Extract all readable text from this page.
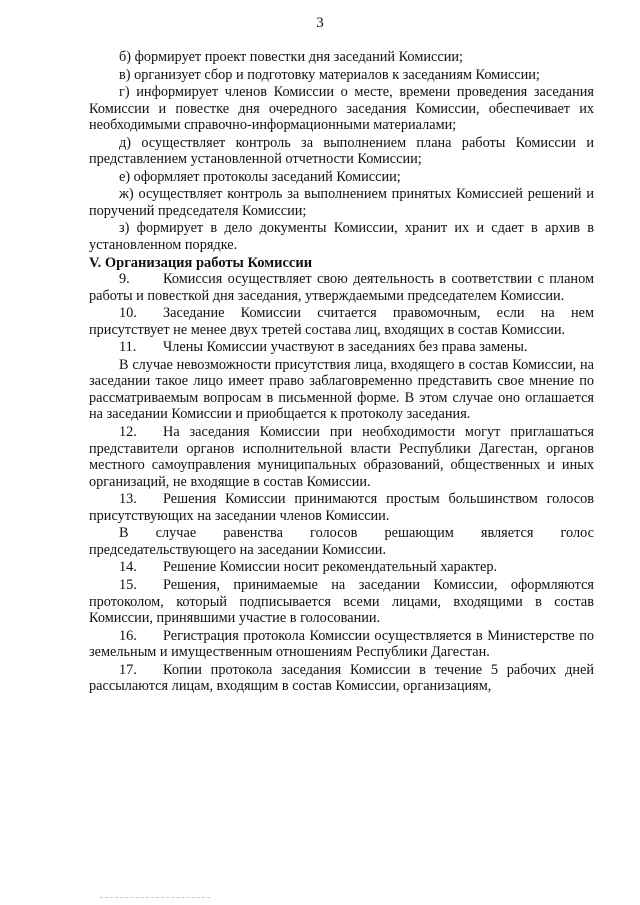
3

б) формирует проект повестки дня заседаний Комиссии;

в) организует сбор и подготовку материалов к заседаниям Комиссии;

г) информирует членов Комиссии о месте, времени проведения заседания Комиссии и повестке дня очередного заседания Комиссии, обеспечивает их необходимыми справочно-информационными материалами;

д) осуществляет контроль за выполнением плана работы Комиссии и представлением установленной отчетности Комиссии;

е) оформляет протоколы заседаний Комиссии;

ж) осуществляет контроль за выполнением принятых Комиссией решений и поручений председателя Комиссии;

з) формирует в дело документы Комиссии, хранит их и сдает в архив в установленном порядке.

V. Организация работы Комиссии

9. Комиссия осуществляет свою деятельность в соответствии с планом работы и повесткой дня заседания, утверждаемыми председателем Комиссии.

10. Заседание Комиссии считается правомочным, если на нем присутствует не менее двух третей состава лиц, входящих в состав Комиссии.

11. Члены Комиссии участвуют в заседаниях без права замены.

В случае невозможности присутствия лица, входящего в состав Комиссии, на заседании такое лицо имеет право заблаговременно представить свое мнение по рассматриваемым вопросам в письменной форме. В этом случае оно оглашается на заседании Комиссии и приобщается к протоколу заседания.

12. На заседания Комиссии при необходимости могут приглашаться представители органов исполнительной власти Республики Дагестан, органов местного самоуправления муниципальных образований, общественных и иных организаций, не входящие в состав Комиссии.

13. Решения Комиссии принимаются простым большинством голосов присутствующих на заседании членов Комиссии.

В случае равенства голосов решающим является голос председательствующего на заседании Комиссии.

14. Решение Комиссии носит рекомендательный характер.

15. Решения, принимаемые на заседании Комиссии, оформляются протоколом, который подписывается всеми лицами, входящими в состав Комиссии, принявшими участие в голосовании.

16. Регистрация протокола Комиссии осуществляется в Министерстве по земельным и имущественным отношениям Республики Дагестан.

17. Копии протокола заседания Комиссии в течение 5 рабочих дней рассылаются лицам, входящим в состав Комиссии, организациям,
